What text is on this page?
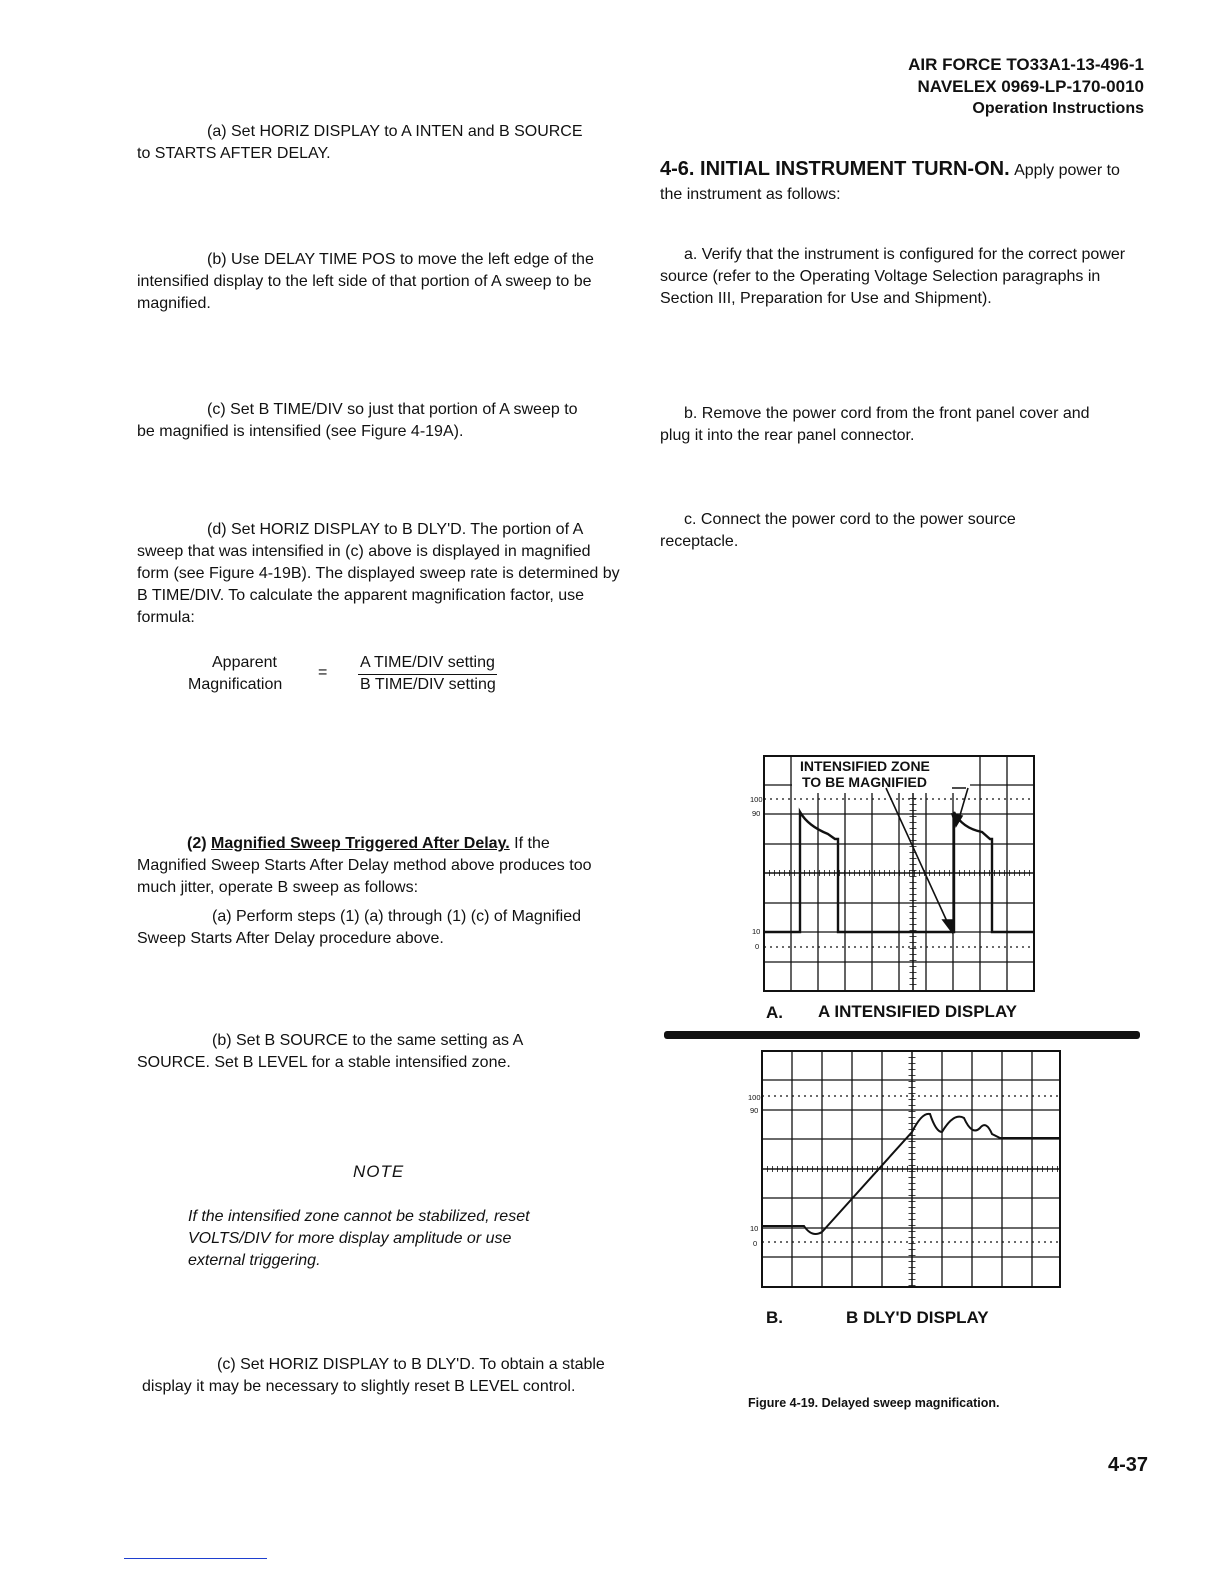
AIR FORCE TO33A1-13-496-1
NAVELEX 0969-LP-170-0010
Operation Instructions

(a) Set HORIZ DISPLAY to A INTEN and B SOURCE to STARTS AFTER DELAY.

(b) Use DELAY TIME POS to move the left edge of the intensified display to the left side of that portion of A sweep to be magnified.

(c) Set B TIME/DIV so just that portion of A sweep to be magnified is intensified (see Figure 4-19A).

(d) Set HORIZ DISPLAY to B DLY'D. The portion of A sweep that was intensified in (c) above is displayed in magnified form (see Figure 4-19B). The displayed sweep rate is determined by B TIME/DIV. To calculate the apparent magnification factor, use formula:

Apparent
Magnification
=
A TIME/DIV setting
B TIME/DIV setting

(2) Magnified Sweep Triggered After Delay. If the Magnified Sweep Starts After Delay method above produces too much jitter, operate B sweep as follows:

(a) Perform steps (1) (a) through (1) (c) of Magnified Sweep Starts After Delay procedure above.

(b) Set B SOURCE to the same setting as A SOURCE. Set B LEVEL for a stable intensified zone.

NOTE

If the intensified zone cannot be stabilized, reset VOLTS/DIV for more display amplitude or use external triggering.

(c) Set HORIZ DISPLAY to B DLY'D. To obtain a stable display it may be necessary to slightly reset B LEVEL control.

4-6. INITIAL INSTRUMENT TURN-ON. Apply power to the instrument as follows:

a. Verify that the instrument is configured for the correct power source (refer to the Operating Voltage Selection paragraphs in Section III, Preparation for Use and Shipment).

b. Remove the power cord from the front panel cover and plug it into the rear panel connector.

c. Connect the power cord to the power source receptacle.

100
90
10
0
INTENSIFIED ZONE
TO BE MAGNIFIED
A. A INTENSIFIED DISPLAY
100
90
10
0
B.	B DLY'D DISPLAY
Figure 4-19. Delayed sweep magnification.
4-37
